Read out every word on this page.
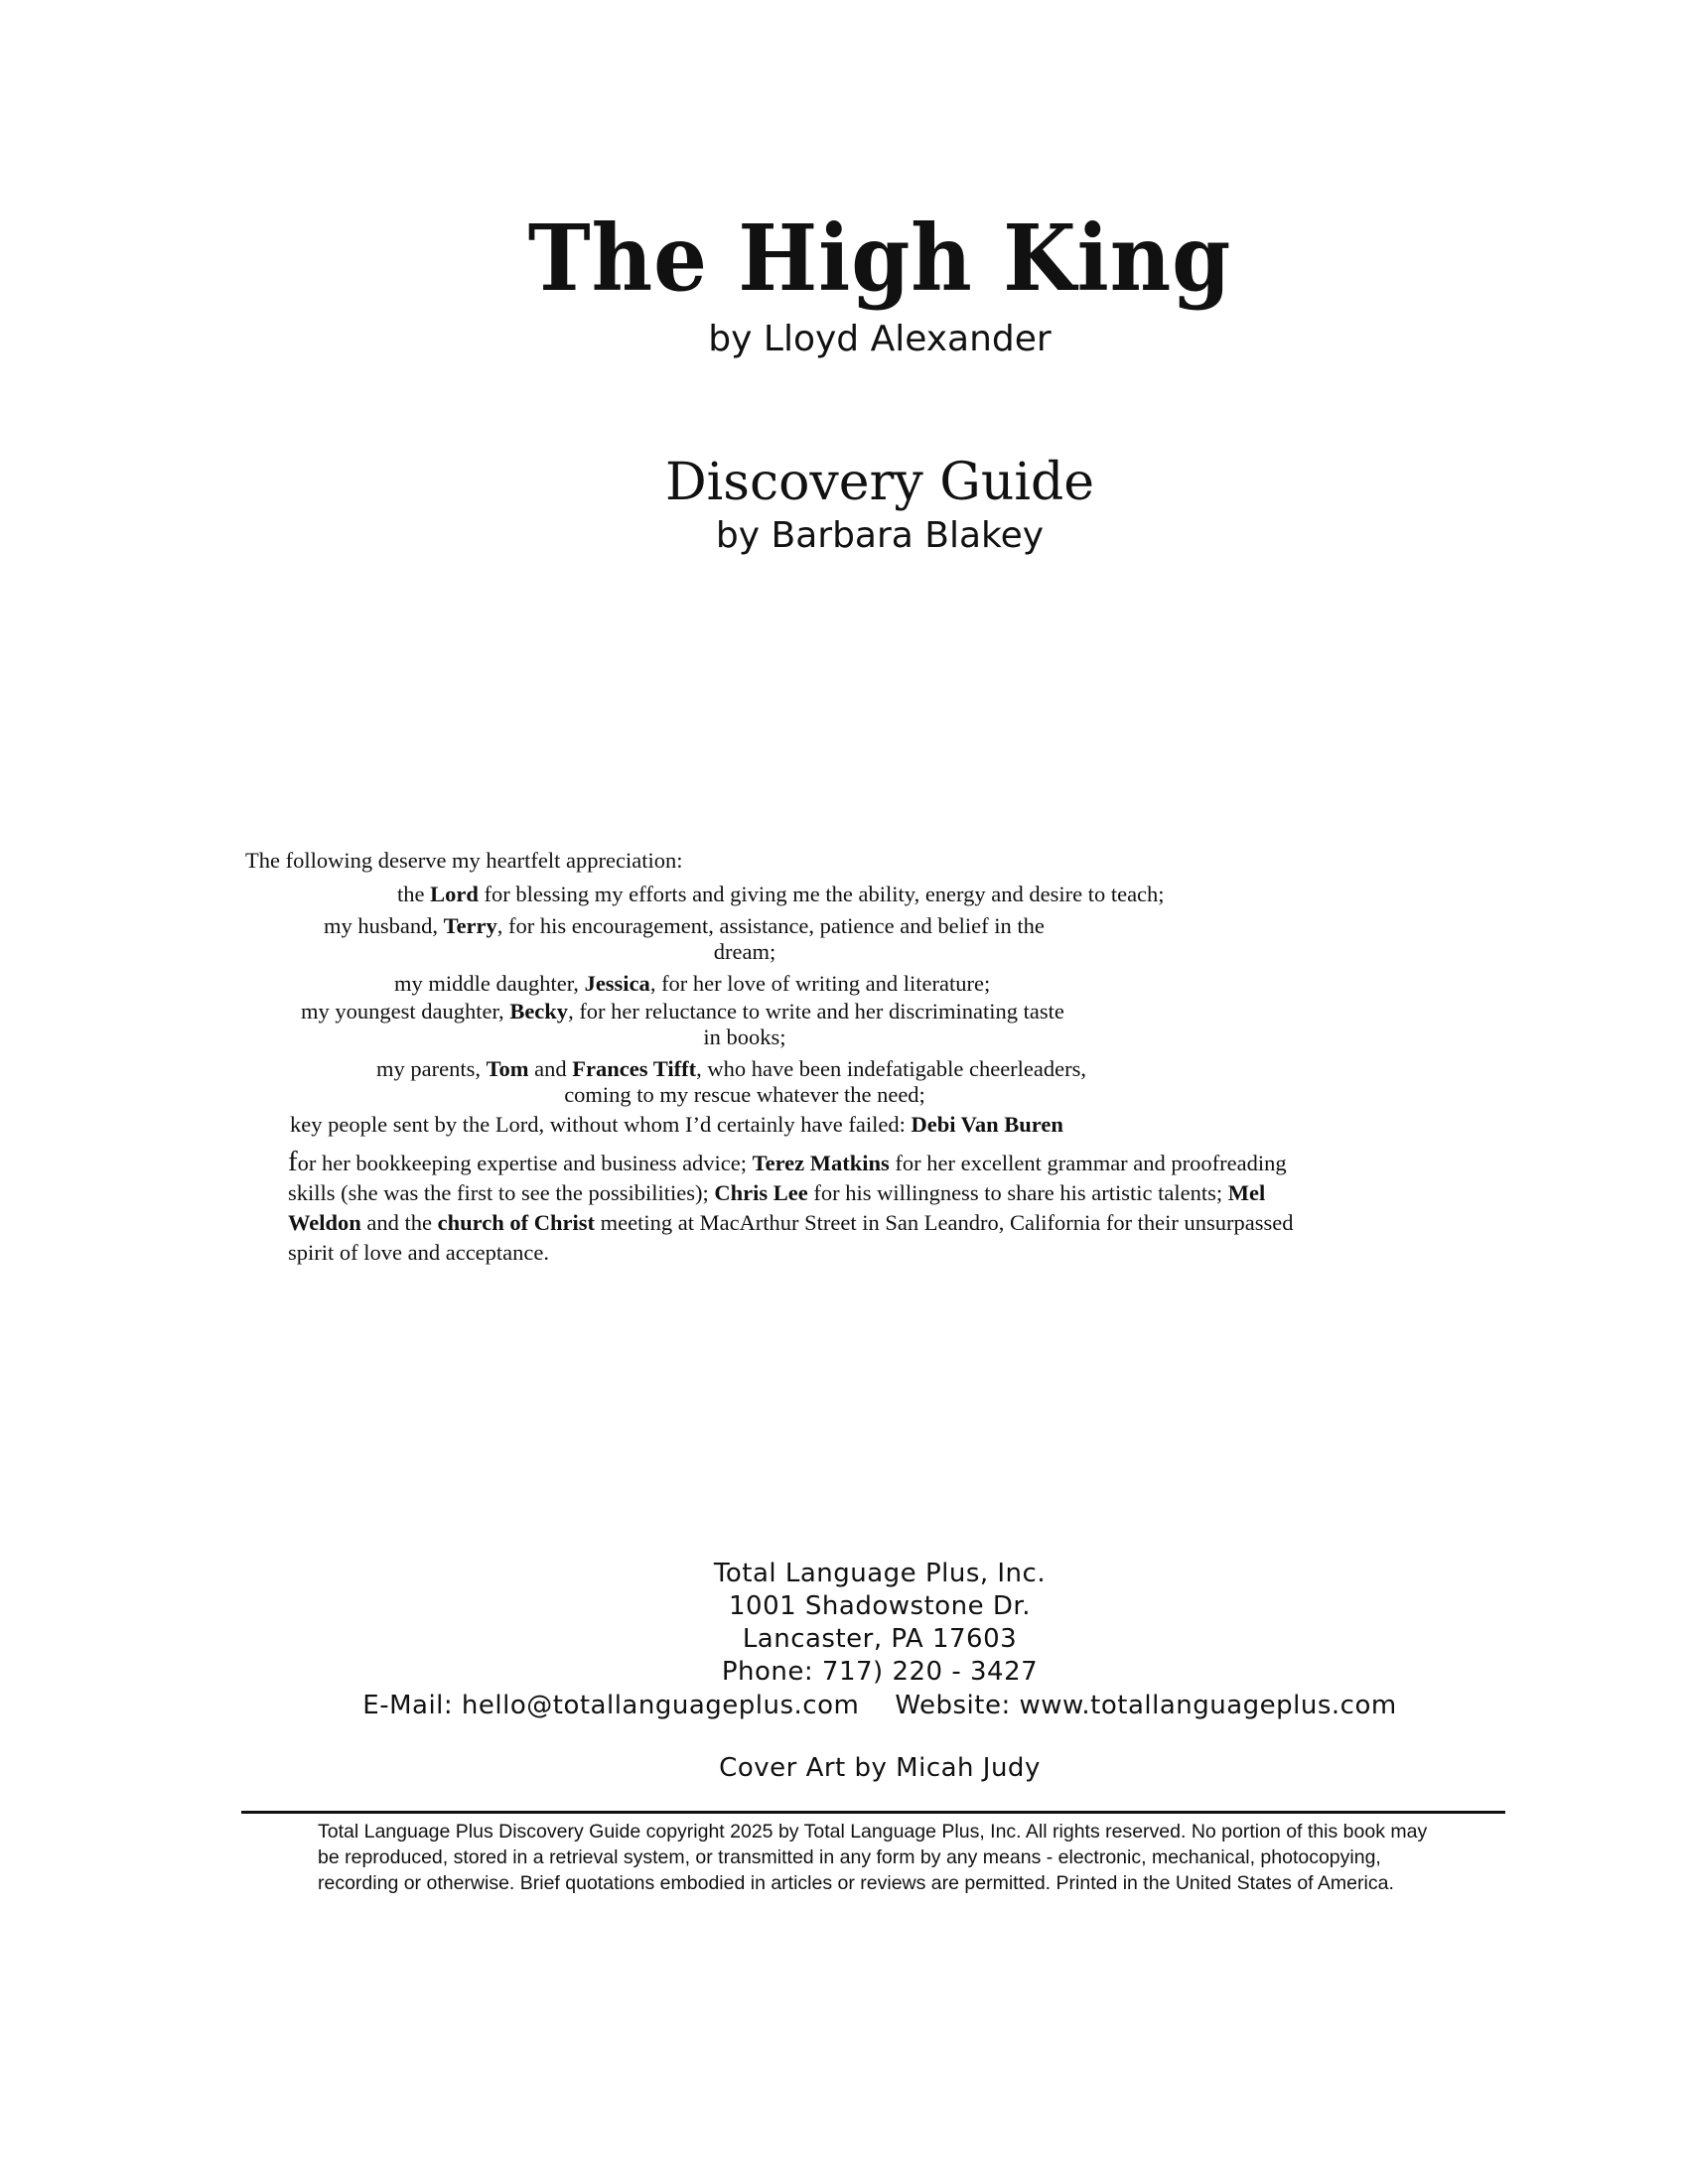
The High King

by Lloyd Alexander

Discovery Guide

by Barbara Blakey

The following deserve my heartfelt appreciation:

the Lord for blessing my efforts and giving me the ability, energy and desire to teach;

my husband, Terry, for his encouragement, assistance, patience and belief in the

dream;

my middle daughter, Jessica, for her love of writing and literature;

my youngest daughter, Becky, for her reluctance to write and her discriminating taste

in books;

my parents, Tom and Frances Tifft, who have been indefatigable cheerleaders,

coming to my rescue whatever the need;

key people sent by the Lord, without whom I’d certainly have failed: Debi Van Buren

for her bookkeeping expertise and business advice; Terez Matkins for her excellent grammar and proofreading skills (she was the first to see the possibilities); Chris Lee for his willingness to share his artistic talents; Mel Weldon and the church of Christ meeting at MacArthur Street in San Leandro, California for their unsurpassed spirit of love and acceptance.

Total Language Plus, Inc.

1001 Shadowstone Dr.

Lancaster, PA 17603

Phone: 717) 220 - 3427

E-Mail: hello@totallanguageplus.com Website: www.totallanguageplus.com

Cover Art by Micah Judy

Total Language Plus Discovery Guide copyright 2025 by Total Language Plus, Inc. All rights reserved. No portion of this book may be reproduced, stored in a retrieval system, or transmitted in any form by any means - electronic, mechanical, photocopying, recording or otherwise. Brief quotations embodied in articles or reviews are permitted. Printed in the United States of America.
